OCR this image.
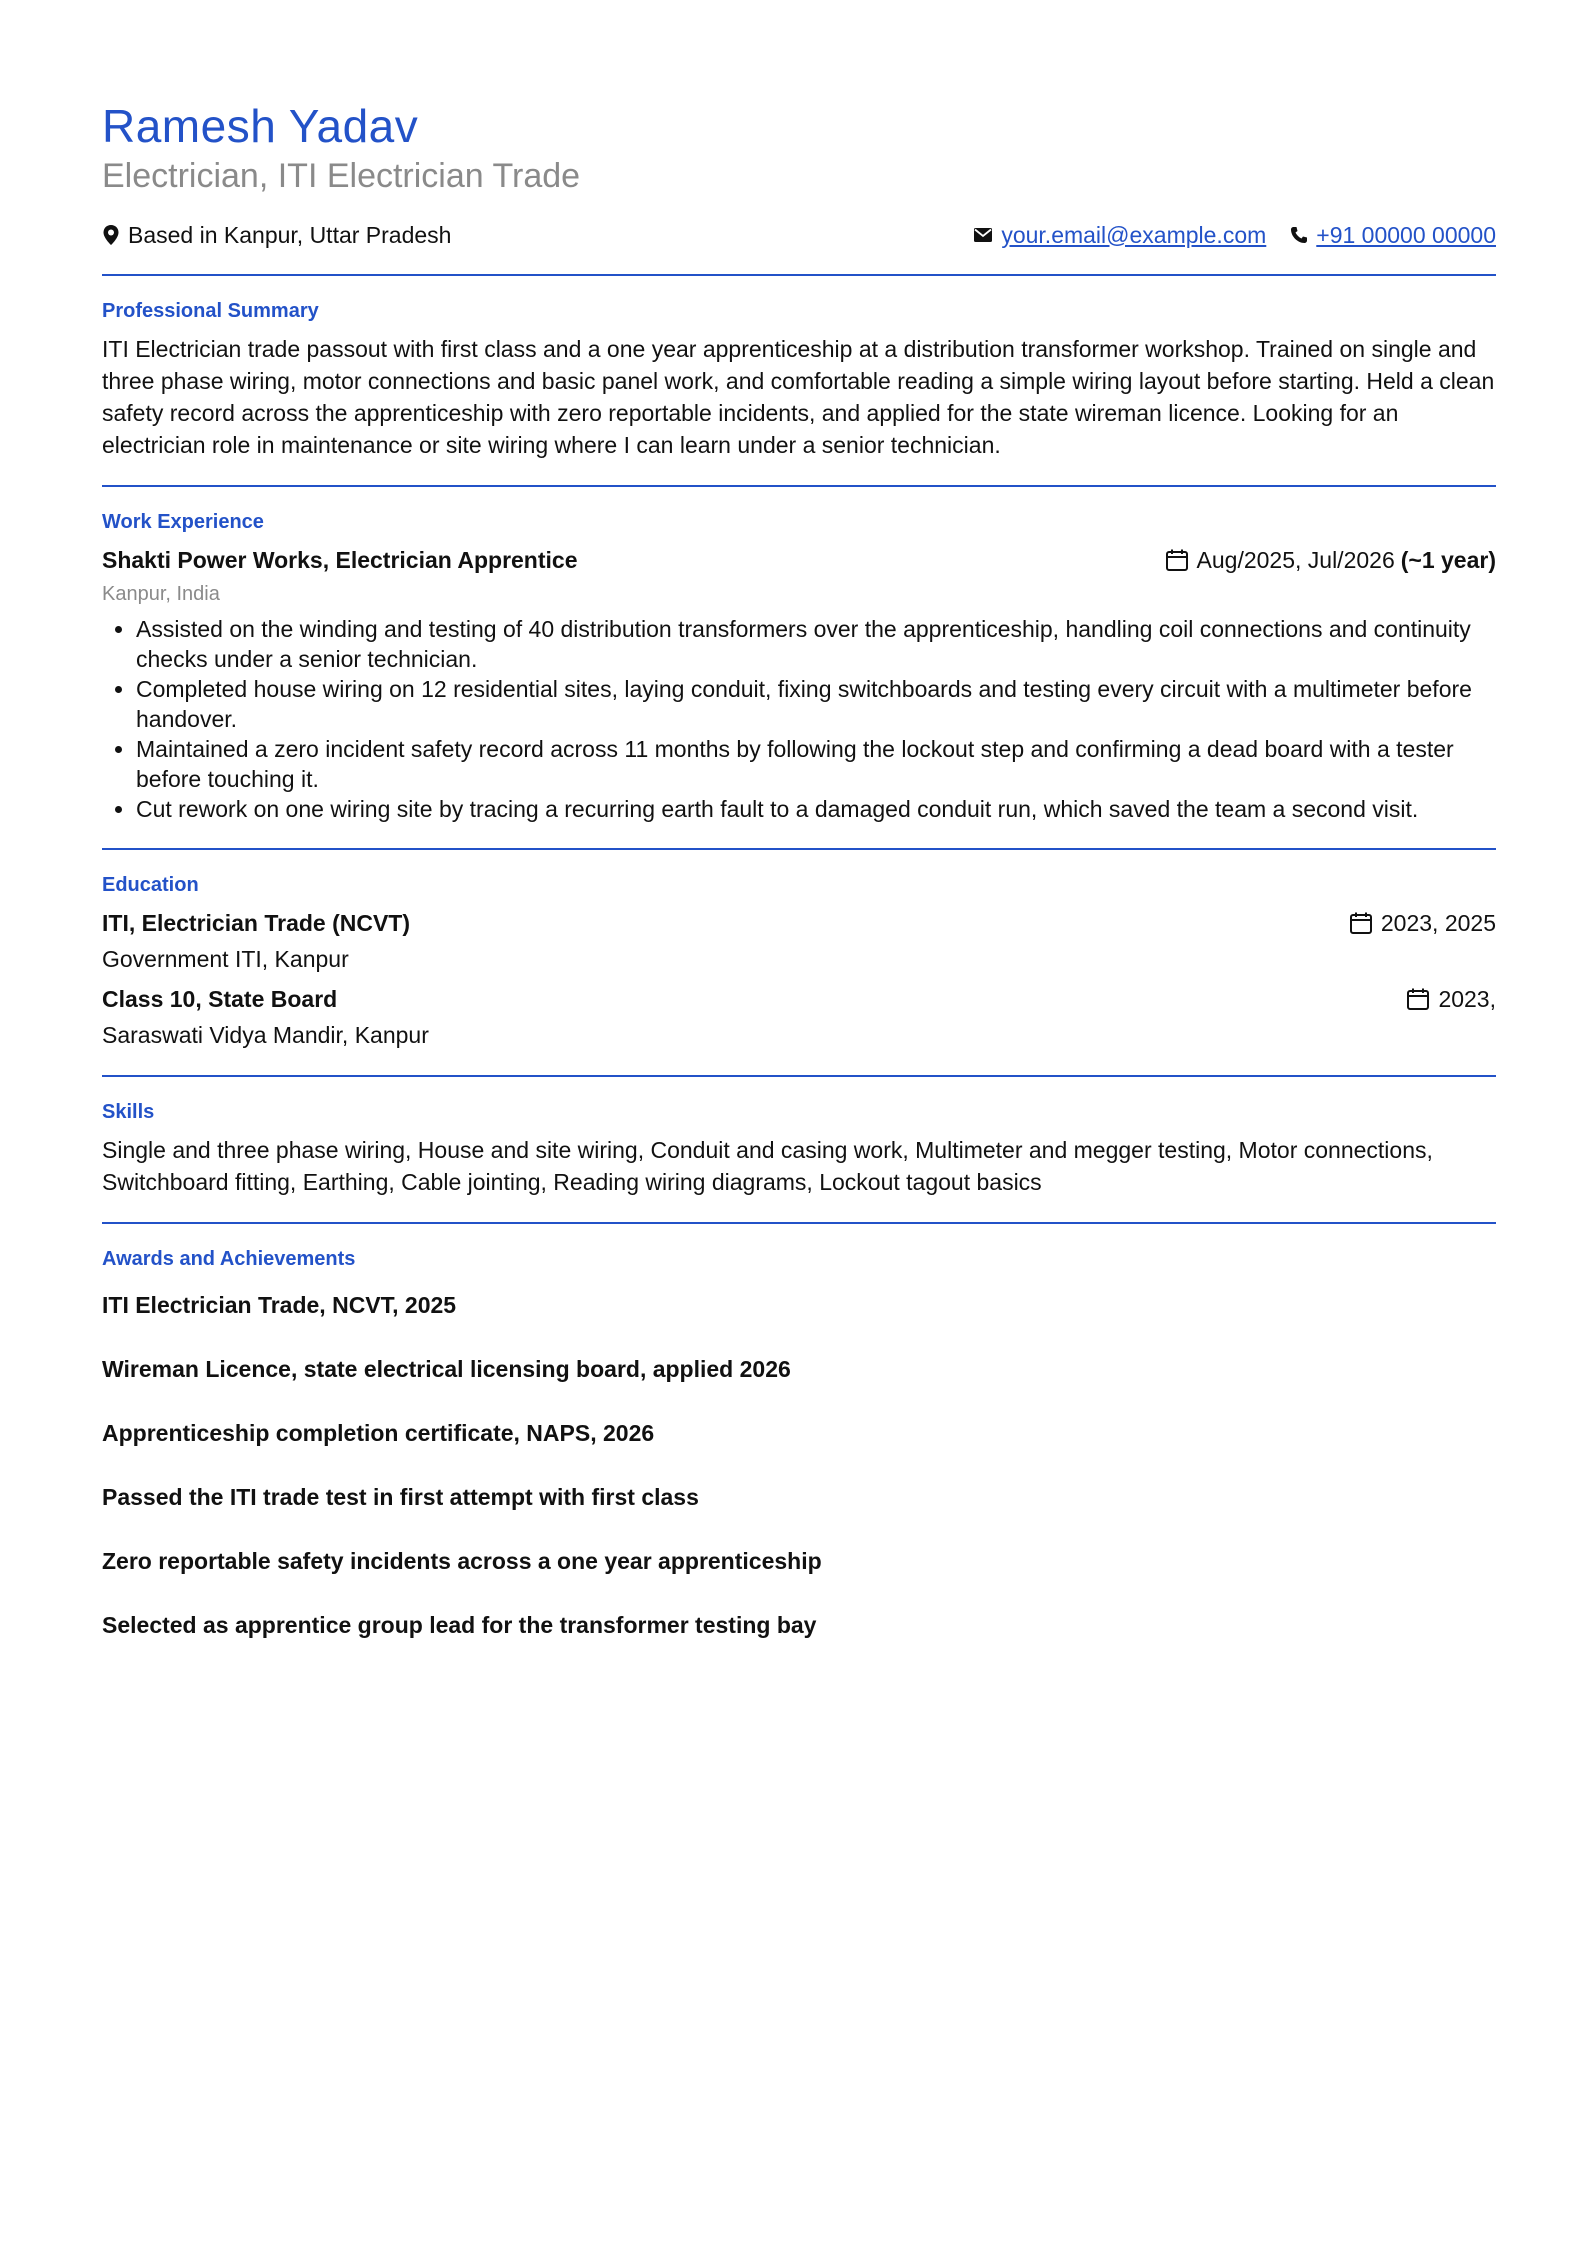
Ramesh Yadav
Electrician, ITI Electrician Trade
Based in Kanpur, Uttar Pradesh	your.email@example.com +91 00000 00000
Professional Summary
ITI Electrician trade passout with first class and a one year apprenticeship at a distribution transformer workshop. Trained on single and three phase wiring, motor connections and basic panel work, and comfortable reading a simple wiring layout before starting. Held a clean safety record across the apprenticeship with zero reportable incidents, and applied for the state wireman licence. Looking for an electrician role in maintenance or site wiring where I can learn under a senior technician.
Work Experience
Shakti Power Works, Electrician Apprentice	Aug/2025, Jul/2026 (~1 year)
Kanpur, India
• Assisted on the winding and testing of 40 distribution transformers over the apprenticeship, handling coil connections and continuity checks under a senior technician.
• Completed house wiring on 12 residential sites, laying conduit, fixing switchboards and testing every circuit with a multimeter before handover.
• Maintained a zero incident safety record across 11 months by following the lockout step and confirming a dead board with a tester before touching it.
• Cut rework on one wiring site by tracing a recurring earth fault to a damaged conduit run, which saved the team a second visit.
Education
ITI, Electrician Trade (NCVT)	2023, 2025
Government ITI, Kanpur
Class 10, State Board	2023,
Saraswati Vidya Mandir, Kanpur
Skills
Single and three phase wiring, House and site wiring, Conduit and casing work, Multimeter and megger testing, Motor connections, Switchboard fitting, Earthing, Cable jointing, Reading wiring diagrams, Lockout tagout basics
Awards and Achievements
ITI Electrician Trade, NCVT, 2025
Wireman Licence, state electrical licensing board, applied 2026
Apprenticeship completion certificate, NAPS, 2026
Passed the ITI trade test in first attempt with first class
Zero reportable safety incidents across a one year apprenticeship
Selected as apprentice group lead for the transformer testing bay
